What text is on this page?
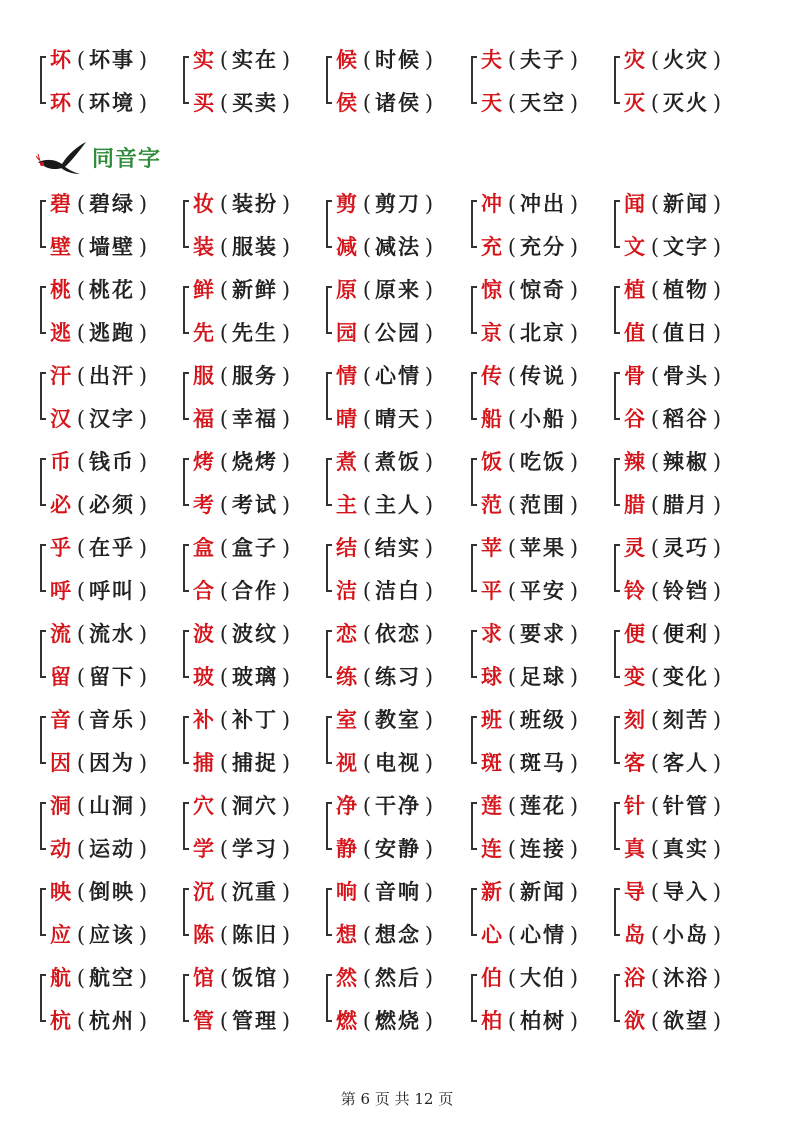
坏 ( 坏事 )
环 ( 环境 )
实 ( 实在 )
买 ( 买卖 )
候 ( 时候 )
侯 ( 诸侯 )
夫 ( 夫子 )
天 ( 天空 )
灾 ( 火灾 )
灭 ( 灭火 )
同音字
碧 ( 碧绿 )
壁 ( 墙壁 )
妆 ( 装扮 )
装 ( 服装 )
剪 ( 剪刀 )
减 ( 减法 )
冲 ( 冲出 )
充 ( 充分 )
闻 ( 新闻 )
文 ( 文字 )
桃 ( 桃花 )
逃 ( 逃跑 )
鲜 ( 新鲜 )
先 ( 先生 )
原 ( 原来 )
园 ( 公园 )
惊 ( 惊奇 )
京 ( 北京 )
植 ( 植物 )
值 ( 值日 )
汗 ( 出汗 )
汉 ( 汉字 )
服 ( 服务 )
福 ( 幸福 )
情 ( 心情 )
晴 ( 晴天 )
传 ( 传说 )
船 ( 小船 )
骨 ( 骨头 )
谷 ( 稻谷 )
币 ( 钱币 )
必 ( 必须 )
烤 ( 烧烤 )
考 ( 考试 )
煮 ( 煮饭 )
主 ( 主人 )
饭 ( 吃饭 )
范 ( 范围 )
辣 ( 辣椒 )
腊 ( 腊月 )
乎 ( 在乎 )
呼 ( 呼叫 )
盒 ( 盒子 )
合 ( 合作 )
结 ( 结实 )
洁 ( 洁白 )
苹 ( 苹果 )
平 ( 平安 )
灵 ( 灵巧 )
铃 ( 铃铛 )
流 ( 流水 )
留 ( 留下 )
波 ( 波纹 )
玻 ( 玻璃 )
恋 ( 依恋 )
练 ( 练习 )
求 ( 要求 )
球 ( 足球 )
便 ( 便利 )
变 ( 变化 )
音 ( 音乐 )
因 ( 因为 )
补 ( 补丁 )
捕 ( 捕捉 )
室 ( 教室 )
视 ( 电视 )
班 ( 班级 )
斑 ( 斑马 )
刻 ( 刻苦 )
客 ( 客人 )
洞 ( 山洞 )
动 ( 运动 )
穴 ( 洞穴 )
学 ( 学习 )
净 ( 干净 )
静 ( 安静 )
莲 ( 莲花 )
连 ( 连接 )
针 ( 针管 )
真 ( 真实 )
映 ( 倒映 )
应 ( 应该 )
沉 ( 沉重 )
陈 ( 陈旧 )
响 ( 音响 )
想 ( 想念 )
新 ( 新闻 )
心 ( 心情 )
导 ( 导入 )
岛 ( 小岛 )
航 ( 航空 )
杭 ( 杭州 )
馆 ( 饭馆 )
管 ( 管理 )
然 ( 然后 )
燃 ( 燃烧 )
伯 ( 大伯 )
柏 ( 柏树 )
浴 ( 沐浴 )
欲 ( 欲望 )
第 6 页 共 12 页
